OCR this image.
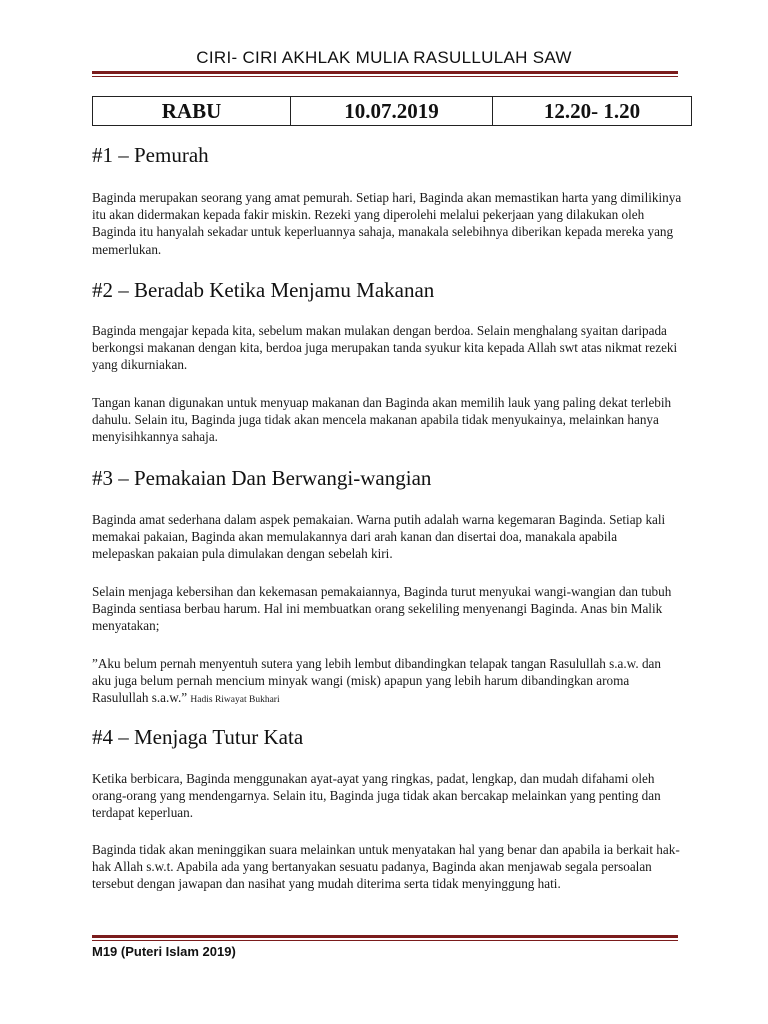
CIRI- CIRI AKHLAK MULIA RASULLULAH SAW
RABU	10.07.2019	12.20- 1.20
#1 – Pemurah

Baginda merupakan seorang yang amat pemurah. Setiap hari, Baginda akan memastikan harta yang dimilikinya itu akan didermakan kepada fakir miskin. Rezeki yang diperolehi melalui pekerjaan yang dilakukan oleh Baginda itu hanyalah sekadar untuk keperluannya sahaja, manakala selebihnya diberikan kepada mereka yang memerlukan.

#2 – Beradab Ketika Menjamu Makanan

Baginda mengajar kepada kita, sebelum makan mulakan dengan berdoa. Selain menghalang syaitan daripada berkongsi makanan dengan kita, berdoa juga merupakan tanda syukur kita kepada Allah swt atas nikmat rezeki yang dikurniakan.

Tangan kanan digunakan untuk menyuap makanan dan Baginda akan memilih lauk yang paling dekat terlebih dahulu. Selain itu, Baginda juga tidak akan mencela makanan apabila tidak menyukainya, melainkan hanya menyisihkannya sahaja.

#3 – Pemakaian Dan Berwangi-wangian

Baginda amat sederhana dalam aspek pemakaian. Warna putih adalah warna kegemaran Baginda. Setiap kali memakai pakaian, Baginda akan memulakannya dari arah kanan dan disertai doa, manakala apabila melepaskan pakaian pula dimulakan dengan sebelah kiri.

Selain menjaga kebersihan dan kekemasan pemakaiannya, Baginda turut menyukai wangi-wangian dan tubuh Baginda sentiasa berbau harum. Hal ini membuatkan orang sekeliling menyenangi Baginda. Anas bin Malik menyatakan;

”Aku belum pernah menyentuh sutera yang lebih lembut dibandingkan telapak tangan Rasulullah s.a.w. dan aku juga belum pernah mencium minyak wangi (misk) apapun yang lebih harum dibandingkan aroma Rasulullah s.a.w.” Hadis Riwayat Bukhari

#4 – Menjaga Tutur Kata

Ketika berbicara, Baginda menggunakan ayat-ayat yang ringkas, padat, lengkap, dan mudah difahami oleh orang-orang yang mendengarnya. Selain itu, Baginda juga tidak akan bercakap melainkan yang penting dan terdapat keperluan.

Baginda tidak akan meninggikan suara melainkan untuk menyatakan hal yang benar dan apabila ia berkait hak-hak Allah s.w.t. Apabila ada yang bertanyakan sesuatu padanya, Baginda akan menjawab segala persoalan tersebut dengan jawapan dan nasihat yang mudah diterima serta tidak menyinggung hati.

M19 (Puteri Islam 2019)
